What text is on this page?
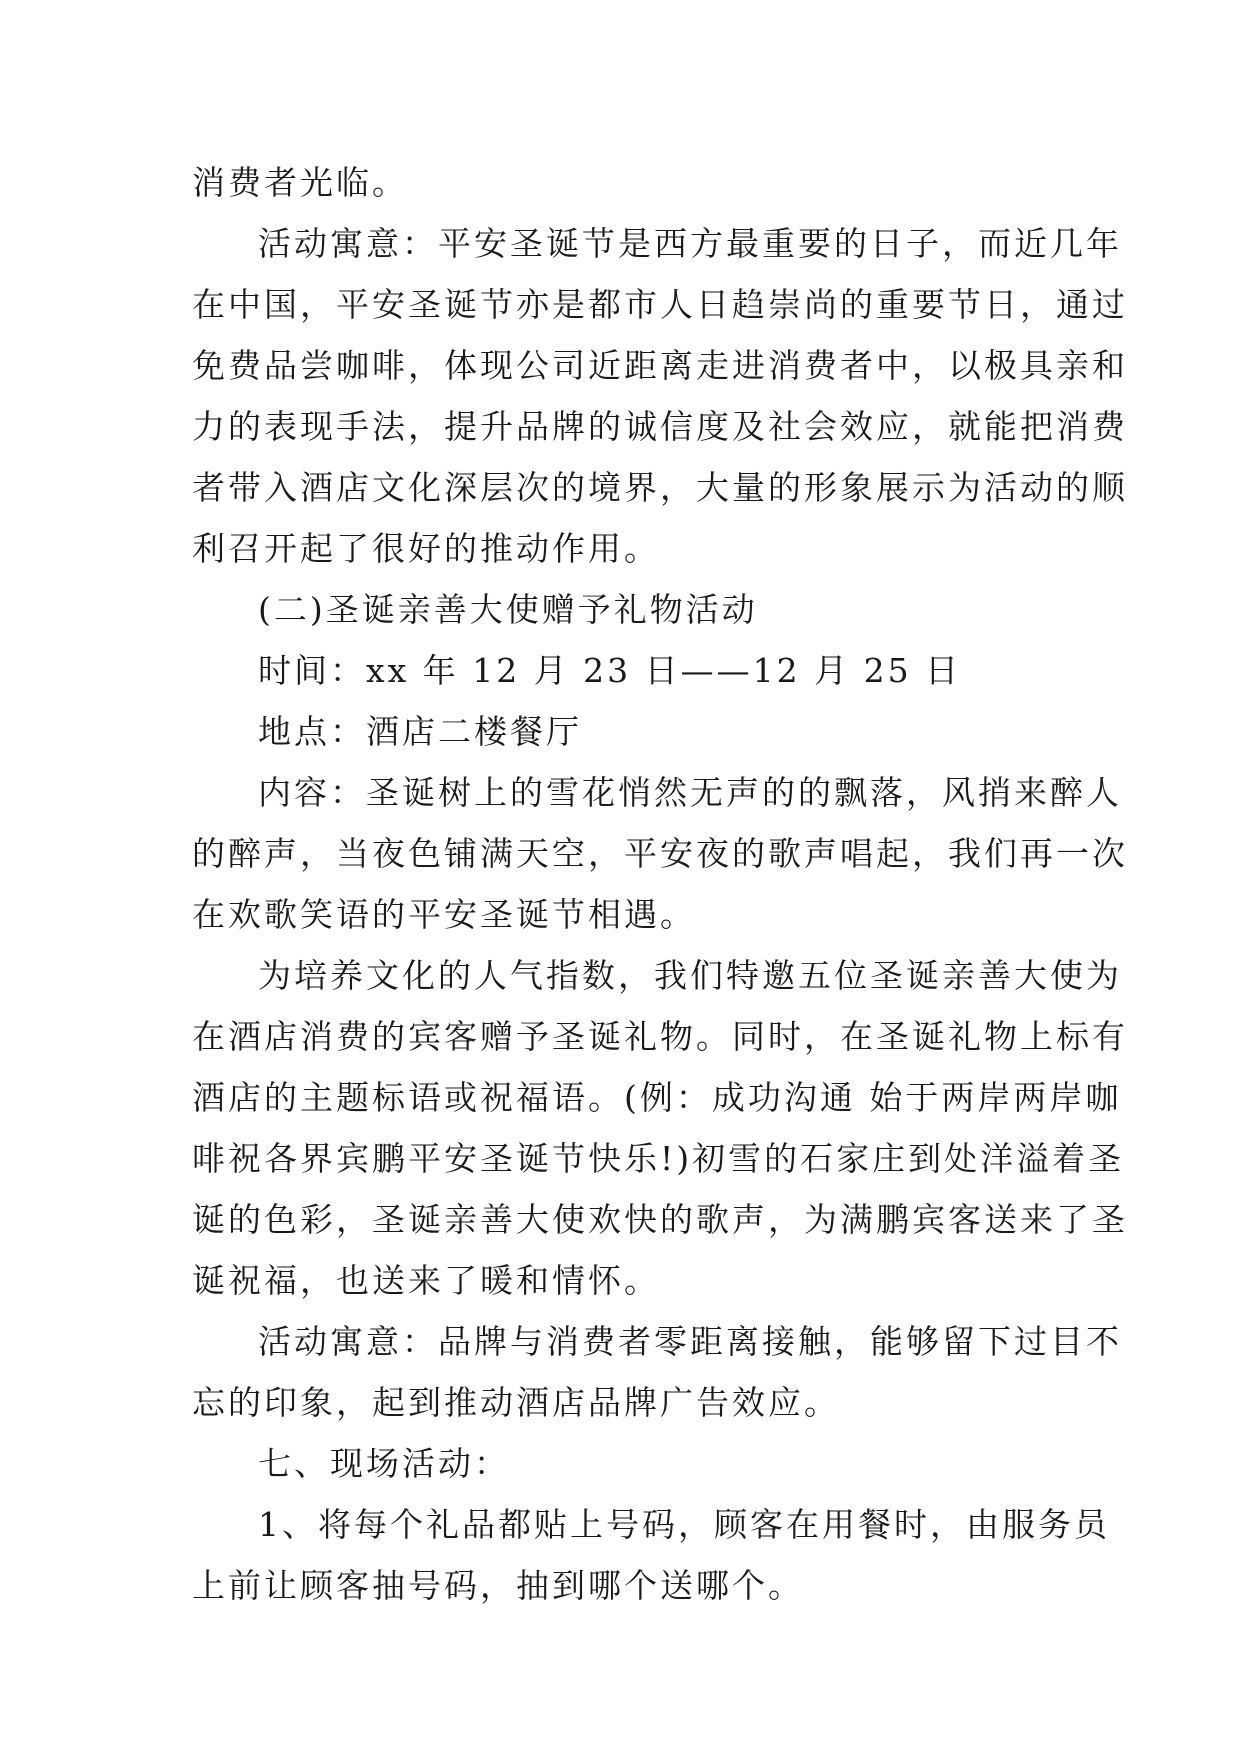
消费者光临。
活动寓意：平安圣诞节是西方最重要的日子，而近几年
在中国，平安圣诞节亦是都市人日趋崇尚的重要节日，通过
免费品尝咖啡，体现公司近距离走进消费者中，以极具亲和
力的表现手法，提升品牌的诚信度及社会效应，就能把消费
者带入酒店文化深层次的境界，大量的形象展示为活动的顺
利召开起了很好的推动作用。
(二)圣诞亲善大使赠予礼物活动
时间：xx 年 12 月 23 日——12 月 25 日
地点：酒店二楼餐厅
内容：圣诞树上的雪花悄然无声的的飘落，风捎来醉人
的醉声，当夜色铺满天空，平安夜的歌声唱起，我们再一次
在欢歌笑语的平安圣诞节相遇。
为培养文化的人气指数，我们特邀五位圣诞亲善大使为
在酒店消费的宾客赠予圣诞礼物。同时，在圣诞礼物上标有
酒店的主题标语或祝福语。(例：成功沟通 始于两岸两岸咖
啡祝各界宾鹏平安圣诞节快乐!)初雪的石家庄到处洋溢着圣
诞的色彩，圣诞亲善大使欢快的歌声，为满鹏宾客送来了圣
诞祝福，也送来了暖和情怀。
活动寓意：品牌与消费者零距离接触，能够留下过目不
忘的印象，起到推动酒店品牌广告效应。
七、现场活动：
1、将每个礼品都贴上号码，顾客在用餐时，由服务员
上前让顾客抽号码，抽到哪个送哪个。
